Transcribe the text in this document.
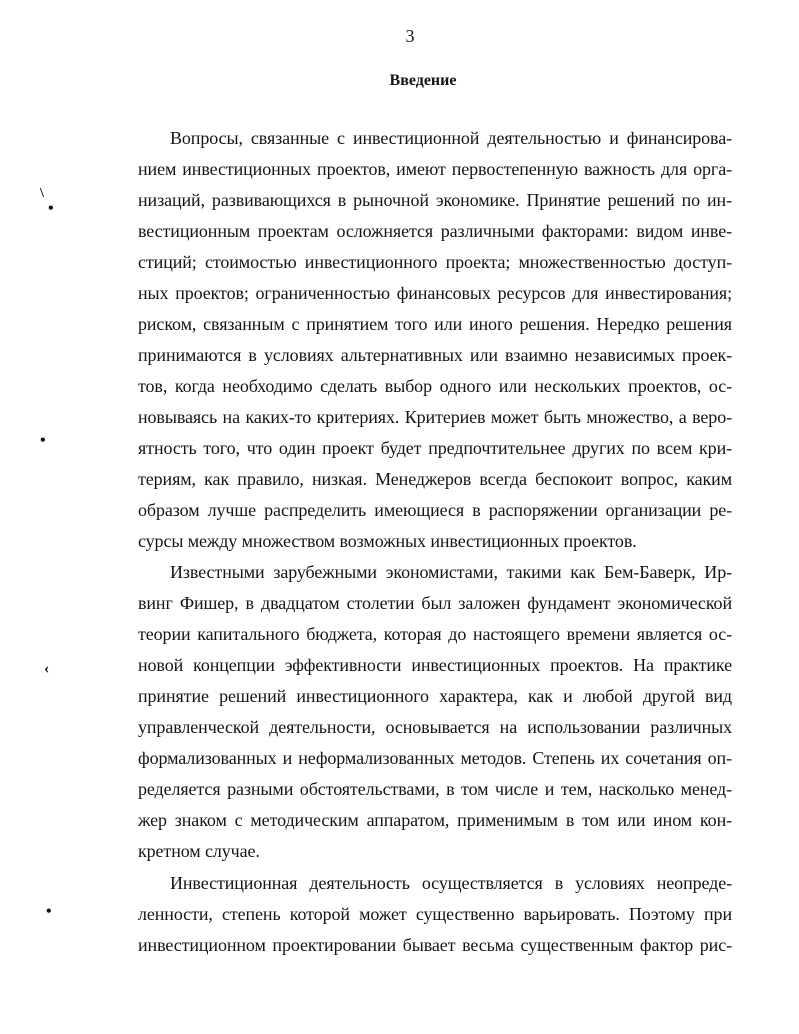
3
Введение
\
•
•
‹
•
Вопросы, связанные с инвестиционной деятельностью и финансирова-
нием инвестиционных проектов, имеют первостепенную важность для орга-
низаций, развивающихся в рыночной экономике. Принятие решений по ин-
вестиционным проектам осложняется различными факторами: видом инве-
стиций; стоимостью инвестиционного проекта; множественностью доступ-
ных проектов; ограниченностью финансовых ресурсов для инвестирования;
риском, связанным с принятием того или иного решения. Нередко решения
принимаются в условиях альтернативных или взаимно независимых проек-
тов, когда необходимо сделать выбор одного или нескольких проектов, ос-
новываясь на каких-то критериях. Критериев может быть множество, а веро-
ятность того, что один проект будет предпочтительнее других по всем кри-
териям, как правило, низкая. Менеджеров всегда беспокоит вопрос, каким
образом лучше распределить имеющиеся в распоряжении организации ре-
сурсы между множеством возможных инвестиционных проектов.
Известными зарубежными экономистами, такими как Бем-Баверк, Ир-
винг Фишер, в двадцатом столетии был заложен фундамент экономической
теории капитального бюджета, которая до настоящего времени является ос-
новой концепции эффективности инвестиционных проектов. На практике
принятие решений инвестиционного характера, как и любой другой вид
управленческой деятельности, основывается на использовании различных
формализованных и неформализованных методов. Степень их сочетания оп-
ределяется разными обстоятельствами, в том числе и тем, насколько менед-
жер знаком с методическим аппаратом, применимым в том или ином кон-
кретном случае.
Инвестиционная деятельность осуществляется в условиях неопреде-
ленности, степень которой может существенно варьировать. Поэтому при
инвестиционном проектировании бывает весьма существенным фактор рис-
